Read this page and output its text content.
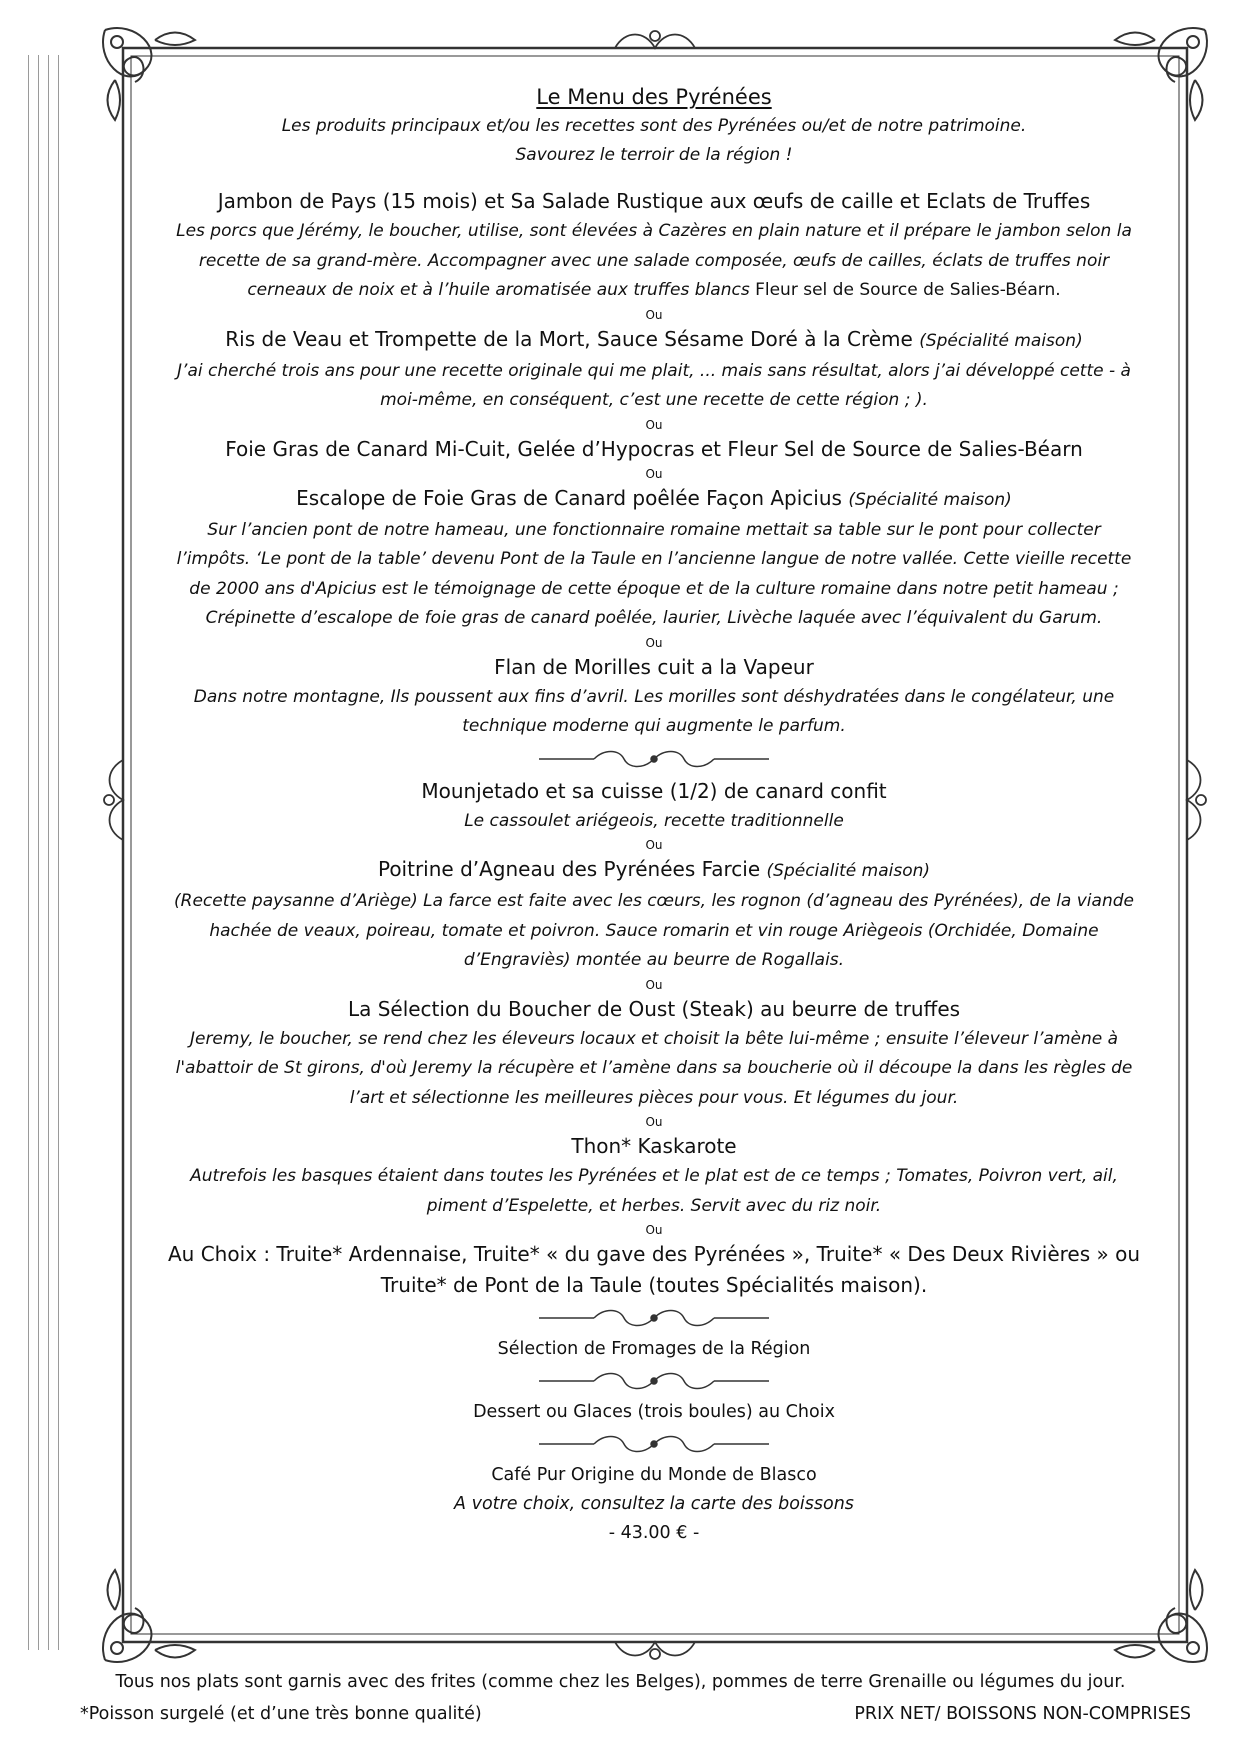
Le Menu des Pyrénées

Les produits principaux et/ou les recettes sont des Pyrénées ou/et de notre patrimoine.

Savourez le terroir de la région !

Jambon de Pays (15 mois) et Sa Salade Rustique aux œufs de caille et Eclats de Truffes

Les porcs que Jérémy, le boucher, utilise, sont élevées à Cazères en plain nature et il prépare le jambon selon la

recette de sa grand-mère. Accompagner avec une salade composée, œufs de cailles, éclats de truffes noir

cerneaux de noix et à l’huile aromatisée aux truffes blancs Fleur sel de Source de Salies-Béarn.

Ou

Ris de Veau et Trompette de la Mort, Sauce Sésame Doré à la Crème (Spécialité maison)

J’ai cherché trois ans pour une recette originale qui me plait, ... mais sans résultat, alors j’ai développé cette - à

moi-même, en conséquent, c’est une recette de cette région ; ).

Ou

Foie Gras de Canard Mi-Cuit, Gelée d’Hypocras et Fleur Sel de Source de Salies-Béarn

Ou

Escalope de Foie Gras de Canard poêlée Façon Apicius (Spécialité maison)

Sur l’ancien pont de notre hameau, une fonctionnaire romaine mettait sa table sur le pont pour collecter

l’impôts. ‘Le pont de la table’ devenu Pont de la Taule en l’ancienne langue de notre vallée. Cette vieille recette

de 2000 ans d'Apicius est le témoignage de cette époque et de la culture romaine dans notre petit hameau ;

Crépinette d’escalope de foie gras de canard poêlée, laurier, Livèche laquée avec l’équivalent du Garum.

Ou

Flan de Morilles cuit a la Vapeur

Dans notre montagne, Ils poussent aux fins d’avril. Les morilles sont déshydratées dans le congélateur, une

technique moderne qui augmente le parfum.

Mounjetado et sa cuisse (1/2) de canard confit

Le cassoulet ariégeois, recette traditionnelle

Ou

Poitrine d’Agneau des Pyrénées Farcie (Spécialité maison)

(Recette paysanne d’Ariège) La farce est faite avec les cœurs, les rognon (d’agneau des Pyrénées), de la viande

hachée de veaux, poireau, tomate et poivron. Sauce romarin et vin rouge Ariègeois (Orchidée, Domaine

d’Engraviès) montée au beurre de Rogallais.

Ou

La Sélection du Boucher de Oust (Steak) au beurre de truffes

Jeremy, le boucher, se rend chez les éleveurs locaux et choisit la bête lui-même ; ensuite l’éleveur l’amène à

l'abattoir de St girons, d'où Jeremy la récupère et l’amène dans sa boucherie où il découpe la dans les règles de

l’art et sélectionne les meilleures pièces pour vous. Et légumes du jour.

Ou

Thon* Kaskarote

Autrefois les basques étaient dans toutes les Pyrénées et le plat est de ce temps ; Tomates, Poivron vert, ail,

piment d’Espelette, et herbes. Servit avec du riz noir.

Ou

Au Choix : Truite* Ardennaise, Truite* « du gave des Pyrénées », Truite* « Des Deux Rivières » ou

Truite* de Pont de la Taule (toutes Spécialités maison).

Sélection de Fromages de la Région

Dessert ou Glaces (trois boules) au Choix

Café Pur Origine du Monde de Blasco

A votre choix, consultez la carte des boissons

- 43.00 € -

Tous nos plats sont garnis avec des frites (comme chez les Belges), pommes de terre Grenaille ou légumes du jour.
*Poisson surgelé (et d’une très bonne qualité)	PRIX NET/ BOISSONS NON-COMPRISES
